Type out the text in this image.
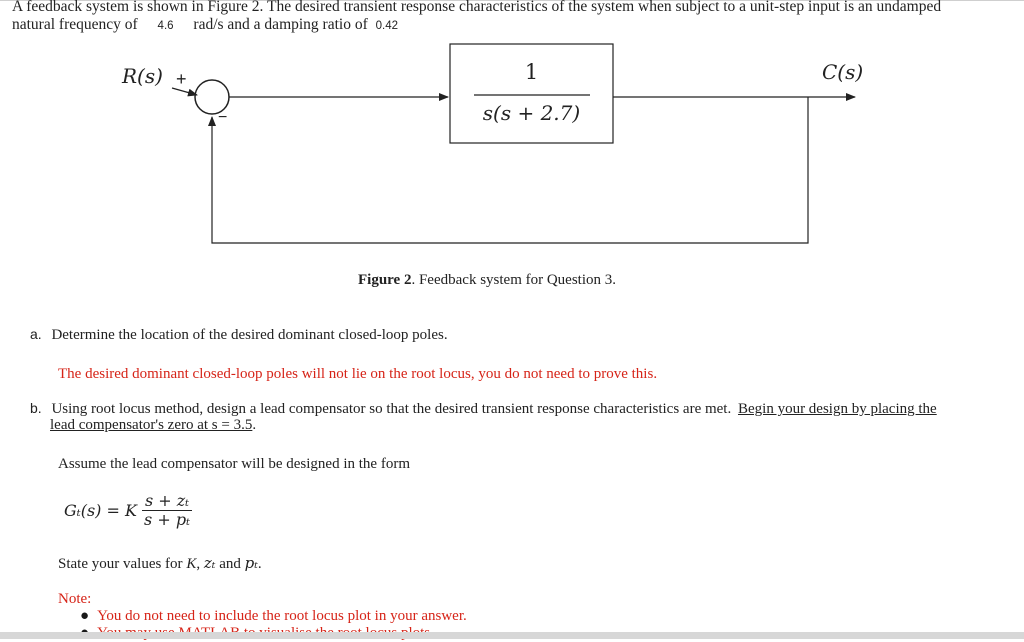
A feedback system is shown in Figure 2. The desired transient response characteristics of the system when subject to a unit-step input is an undamped
natural frequency of 4.6 rad/s and a damping ratio of 0.42
R(s) +
−
1
s(s + 2.7)
C(s)
Figure 2. Feedback system for Question 3.
a. Determine the location of the desired dominant closed-loop poles.
The desired dominant closed-loop poles will not lie on the root locus, you do not need to prove this.
b. Using root locus method, design a lead compensator so that the desired transient response characteristics are met. Begin your design by placing the
lead compensator's zero at s = 3.5.
Assume the lead compensator will be designed in the form
Gₜ(s) = K $\frac{\text{s + zₜ}}{\text{s + pₜ}}$
State your values for K, zₜ and pₜ.
Note:
● You do not need to include the root locus plot in your answer.
